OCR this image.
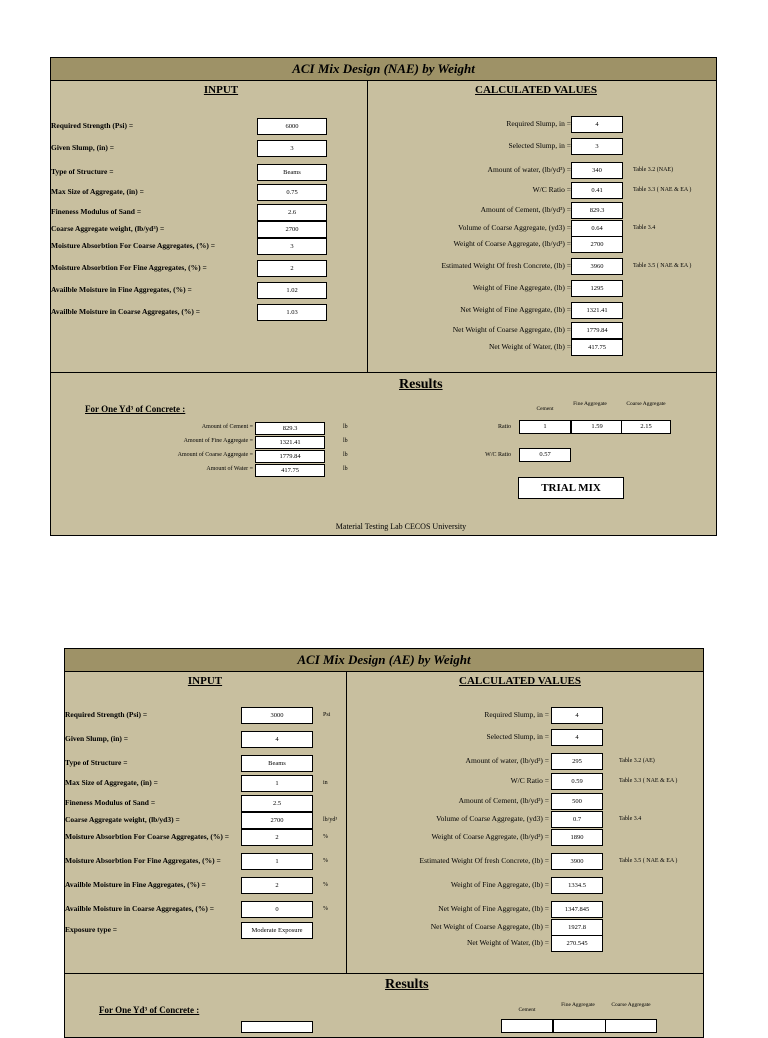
ACI Mix Design (NAE) by Weight
INPUT	CALCULATED VALUES
Required Strength (Psi) =	6000
Given Slump, (in) =	3
Type of Structure =	Beams
Max Size of Aggregate, (in) =	0.75
Fineness Modulus of Sand =	2.6
Coarse Aggregate weight, (lb/yd³) =	2700
Moisture Absorbtion For Coarse Aggregates, (%) =	3
Moisture Absorbtion For Fine Aggregates, (%) =	2
Availble Moisture in Fine Aggregates, (%) =	1.02
Availble Moisture in Coarse Aggregates, (%) =	1.03
Required Slump, in =	4
Selected Slump, in =	3
Amount of water, (lb/yd³) =	340	Table 3.2 (NAE)
W/C Ratio =	0.41	Table 3.3 ( NAE & EA )
Amount of Cement, (lb/yd³) =	829.3
Volume of Coarse Aggregate, (yd3) =	0.64	Table 3.4
Weight of Coarse Aggregate, (lb/yd³) =	2700
Estimated Weight Of fresh Concrete, (lb) =	3960	Table 3.5 ( NAE & EA )
Weight of Fine Aggregate, (lb) =	1295
Net Weight of Fine Aggregate, (lb) =	1321.41
Net Weight of Coarse Aggregate, (lb) =	1779.84
Net Weight of Water, (lb) =	417.75
Results
For One Yd³ of Concrete :
Amount of Cement =	829.3	lb
Amount of Fine Aggregate =	1321.41	lb
Amount of Coarse Aggregate =	1779.84	lb
Amount of Water =	417.75	lb
Cement
Fine Aggregate	Coarse Aggregate
Ratio	1	1.59	2.15
W/C Ratio	0.57
TRIAL MIX
Material Testing Lab CECOS University
ACI Mix Design (AE) by Weight
INPUT	CALCULATED VALUES
Required Strength (Psi) =	3000	Psi
Given Slump, (in) =	4
Type of Structure =	Beams
Max Size of Aggregate, (in) =	1	in
Fineness Modulus of Sand =	2.5
Coarse Aggregate weight, (lb/yd3) =	2700	lb/yd³
Moisture Absorbtion For Coarse Aggregates, (%) =	2	%
Moisture Absorbtion For Fine Aggregates, (%) =	1	%
Availble Moisture in Fine Aggregates, (%) =	2	%
Availble Moisture in Coarse Aggregates, (%) =	0	%
Exposure type =	Moderate Exposure
Required Slump, in =	4
Selected Slump, in =	4
Amount of water, (lb/yd³) =	295	Table 3.2 (AE)
W/C Ratio =	0.59	Table 3.3 ( NAE & EA )
Amount of Cement, (lb/yd³) =	500
Volume of Coarse Aggregate, (yd3) =	0.7	Table 3.4
Weight of Coarse Aggregate, (lb/yd³) =	1890
Estimated Weight Of fresh Concrete, (lb) =	3900	Table 3.5 ( NAE & EA )
Weight of Fine Aggregate, (lb) =	1334.5
Net Weight of Fine Aggregate, (lb) =	1347.845
Net Weight of Coarse Aggregate, (lb) =	1927.8
Net Weight of Water, (lb) =	270.545
Results
For One Yd³ of Concrete :	Cement
Fine Aggregate	Coarse Aggregate
